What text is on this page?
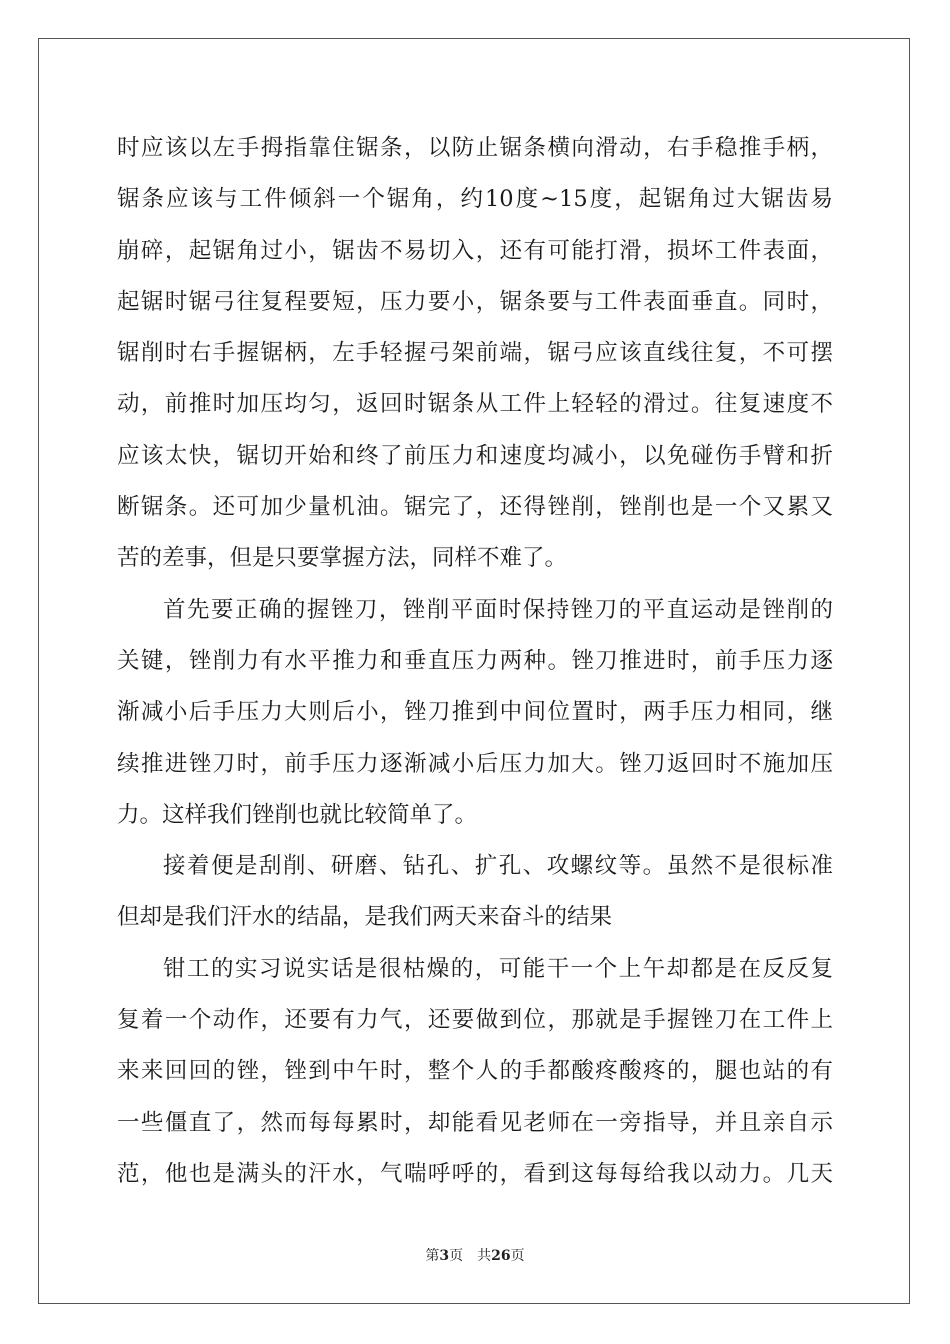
时应该以左手拇指靠住锯条，以防止锯条横向滑动，右手稳推手柄，
锯条应该与工件倾斜一个锯角，约10度~15度，起锯角过大锯齿易
崩碎，起锯角过小，锯齿不易切入，还有可能打滑，损坏工件表面，
起锯时锯弓往复程要短，压力要小，锯条要与工件表面垂直。同时，
锯削时右手握锯柄，左手轻握弓架前端，锯弓应该直线往复，不可摆
动，前推时加压均匀，返回时锯条从工件上轻轻的滑过。往复速度不
应该太快，锯切开始和终了前压力和速度均减小，以免碰伤手臂和折
断锯条。还可加少量机油。锯完了，还得锉削，锉削也是一个又累又
苦的差事，但是只要掌握方法，同样不难了。
首先要正确的握锉刀，锉削平面时保持锉刀的平直运动是锉削的
关键，锉削力有水平推力和垂直压力两种。锉刀推进时，前手压力逐
渐减小后手压力大则后小，锉刀推到中间位置时，两手压力相同，继
续推进锉刀时，前手压力逐渐减小后压力加大。锉刀返回时不施加压
力。这样我们锉削也就比较简单了。
接着便是刮削、研磨、钻孔、扩孔、攻螺纹等。虽然不是很标准
但却是我们汗水的结晶，是我们两天来奋斗的结果
钳工的实习说实话是很枯燥的，可能干一个上午却都是在反反复
复着一个动作，还要有力气，还要做到位，那就是手握锉刀在工件上
来来回回的锉，锉到中午时，整个人的手都酸疼酸疼的，腿也站的有
一些僵直了，然而每每累时，却能看见老师在一旁指导，并且亲自示
范，他也是满头的汗水，气喘呼呼的，看到这每每给我以动力。几天
第3页 共26页
